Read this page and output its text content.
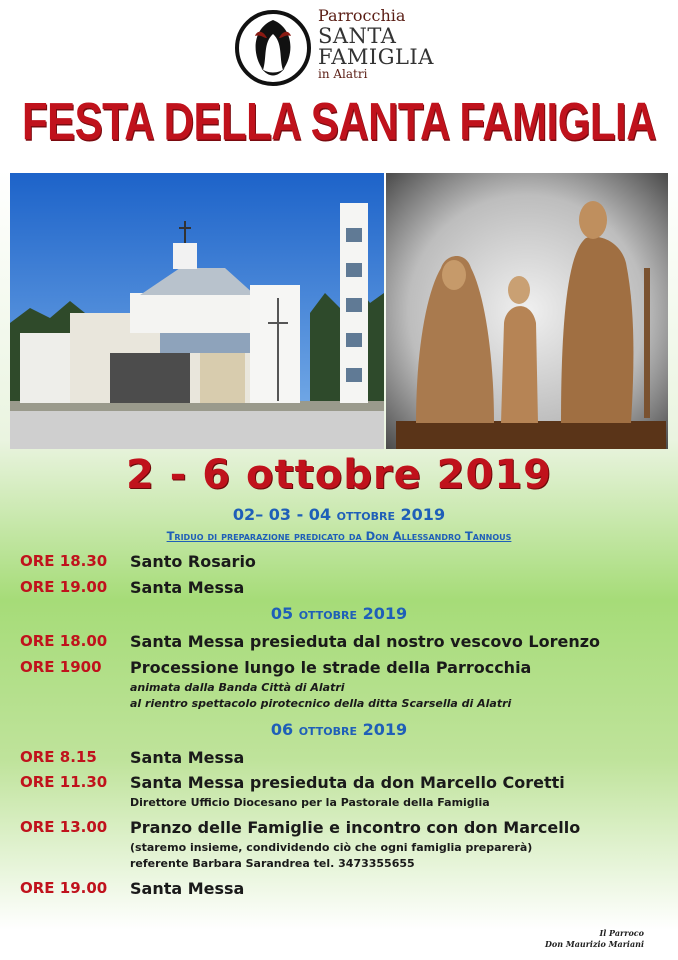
Parrocchia
SANTA
FAMIGLIA
in Alatri
FESTA DELLA SANTA FAMIGLIA
2 - 6 ottobre 2019
02– 03 - 04 ottobre 2019
Triduo di preparazione predicato da Don Allessandro Tannous
ORE 18.30	Santo Rosario
ORE 19.00	Santa Messa
05 ottobre 2019
ORE 18.00	Santa Messa presieduta dal nostro vescovo Lorenzo
ORE 1900	Processione lungo le strade della Parrocchia
animata dalla Banda Città di Alatri
al rientro spettacolo pirotecnico della ditta Scarsella di Alatri
06 ottobre 2019
ORE 8.15	Santa Messa
ORE 11.30	Santa Messa presieduta da don Marcello Coretti
Direttore Ufficio Diocesano per la Pastorale della Famiglia
ORE 13.00	Pranzo delle Famiglie e incontro con don Marcello
(staremo insieme, condividendo ciò che ogni famiglia preparerà)
referente Barbara Sarandrea tel. 3473355655
ORE 19.00	Santa Messa
Il Parroco
Don Maurizio Mariani
